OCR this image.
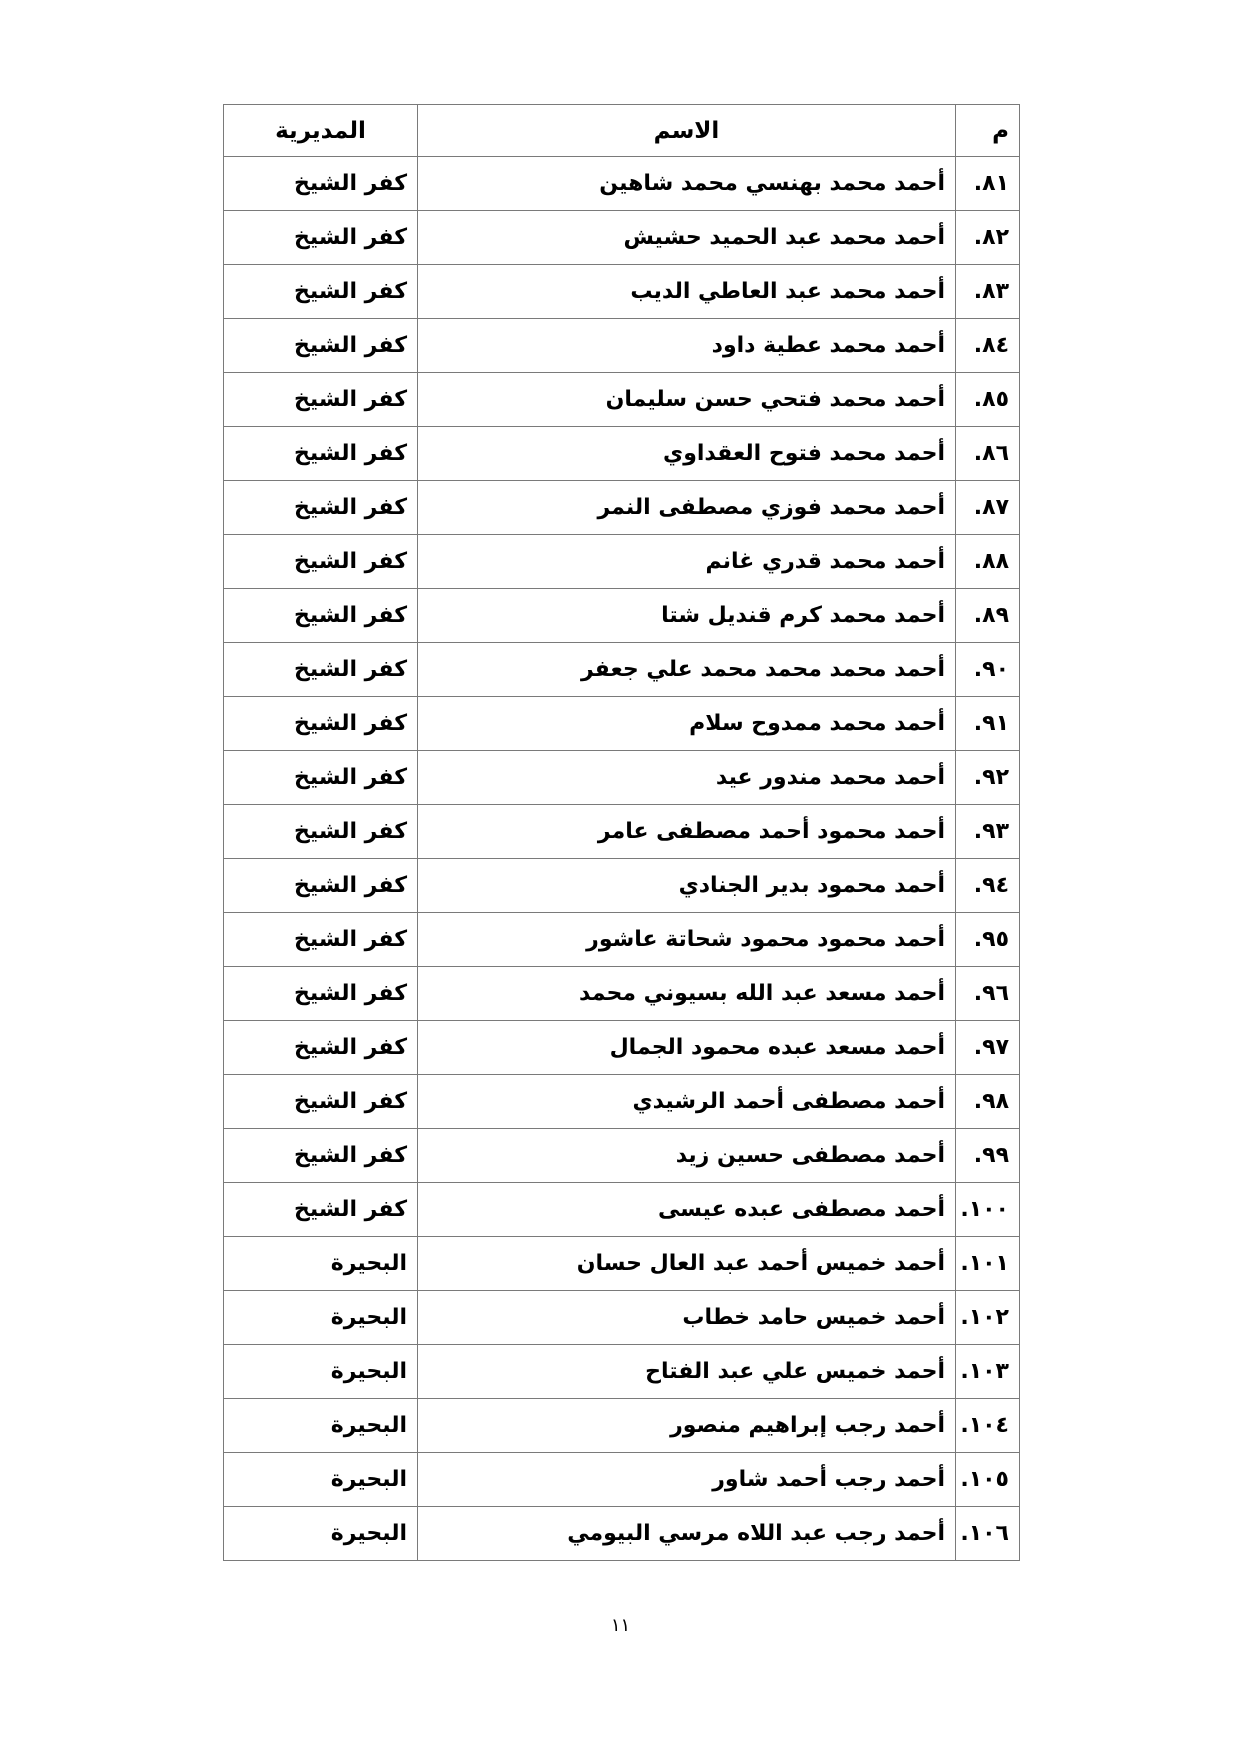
م	الاسم	المديرية
٨١.	أحمد محمد بهنسي محمد شاهين	كفر الشيخ
٨٢.	أحمد محمد عبد الحميد حشيش	كفر الشيخ
٨٣.	أحمد محمد عبد العاطي الديب	كفر الشيخ
٨٤.	أحمد محمد عطية داود	كفر الشيخ
٨٥.	أحمد محمد فتحي حسن سليمان	كفر الشيخ
٨٦.	أحمد محمد فتوح العقداوي	كفر الشيخ
٨٧.	أحمد محمد فوزي مصطفى النمر	كفر الشيخ
٨٨.	أحمد محمد قدري غانم	كفر الشيخ
٨٩.	أحمد محمد كرم قنديل شتا	كفر الشيخ
٩٠.	أحمد محمد محمد محمد علي جعفر	كفر الشيخ
٩١.	أحمد محمد ممدوح سلام	كفر الشيخ
٩٢.	أحمد محمد مندور عيد	كفر الشيخ
٩٣.	أحمد محمود أحمد مصطفى عامر	كفر الشيخ
٩٤.	أحمد محمود بدير الجنادي	كفر الشيخ
٩٥.	أحمد محمود محمود شحاتة عاشور	كفر الشيخ
٩٦.	أحمد مسعد عبد الله بسيوني محمد	كفر الشيخ
٩٧.	أحمد مسعد عبده محمود الجمال	كفر الشيخ
٩٨.	أحمد مصطفى أحمد الرشيدي	كفر الشيخ
٩٩.	أحمد مصطفى حسين زيد	كفر الشيخ
١٠٠.	أحمد مصطفى عبده عيسى	كفر الشيخ
١٠١.	أحمد خميس أحمد عبد العال حسان	البحيرة
١٠٢.	أحمد خميس حامد خطاب	البحيرة
١٠٣.	أحمد خميس علي عبد الفتاح	البحيرة
١٠٤.	أحمد رجب إبراهيم منصور	البحيرة
١٠٥.	أحمد رجب أحمد شاور	البحيرة
١٠٦.	أحمد رجب عبد اللاه مرسي البيومي	البحيرة
١١
